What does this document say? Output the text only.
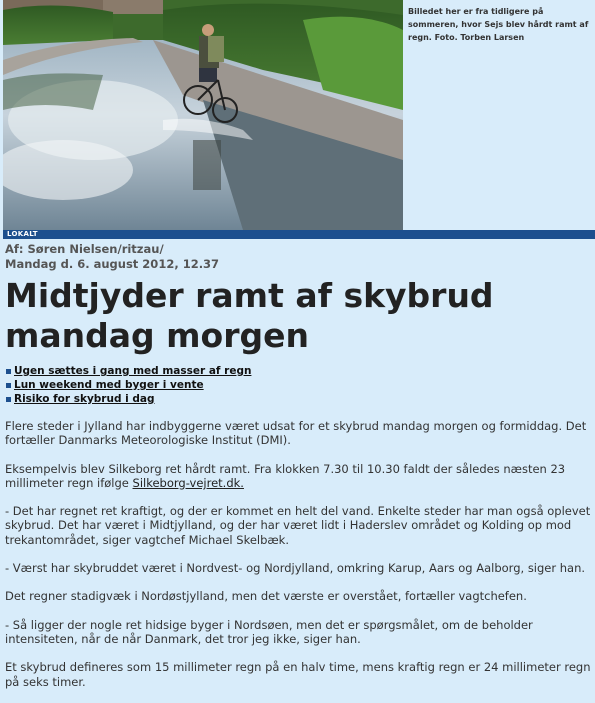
Billedet her er fra tidligere på sommeren, hvor Sejs blev hårdt ramt af regn. Foto. Torben Larsen
LOKALT
Af: Søren Nielsen/ritzau/
Mandag d. 6. august 2012, 12.37
Midtjyder ramt af skybrud mandag morgen
Ugen sættes i gang med masser af regn
Lun weekend med byger i vente
Risiko for skybrud i dag

Flere steder i Jylland har indbyggerne været udsat for et skybrud mandag morgen og formiddag. Det fortæller Danmarks Meteorologiske Institut (DMI).

Eksempelvis blev Silkeborg ret hårdt ramt. Fra klokken 7.30 til 10.30 faldt der således næsten 23 millimeter regn ifølge Silkeborg-vejret.dk.

- Det har regnet ret kraftigt, og der er kommet en helt del vand. Enkelte steder har man også oplevet skybrud. Det har været i Midtjylland, og der har været lidt i Haderslev området og Kolding op mod trekantområdet, siger vagtchef Michael Skelbæk.

- Værst har skybruddet været i Nordvest- og Nordjylland, omkring Karup, Aars og Aalborg, siger han.

Det regner stadigvæk i Nordøstjylland, men det værste er overstået, fortæller vagtchefen.

- Så ligger der nogle ret hidsige byger i Nordsøen, men det er spørgsmålet, om de beholder intensiteten, når de når Danmark, det tror jeg ikke, siger han.

Et skybrud defineres som 15 millimeter regn på en halv time, mens kraftig regn er 24 millimeter regn på seks timer.
